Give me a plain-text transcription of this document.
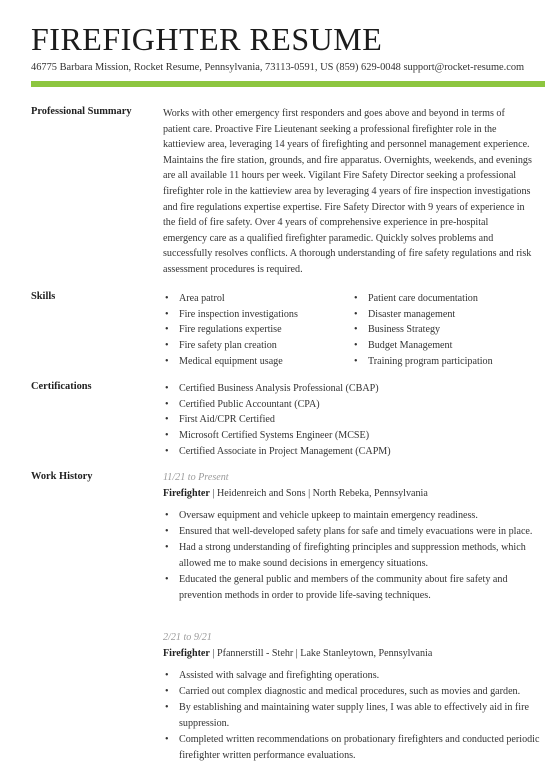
FIREFIGHTER RESUME
46775 Barbara Mission, Rocket Resume, Pennsylvania, 73113-0591, US (859) 629-0048 support@rocket-resume.com
Professional Summary	Works with other emergency first responders and goes above and beyond in terms of patient care. Proactive Fire Lieutenant seeking a professional firefighter role in the kattieview area, leveraging 14 years of firefighting and personnel management experience. Maintains the fire station, grounds, and fire apparatus. Overnights, weekends, and evenings are all available 11 hours per week. Vigilant Fire Safety Director seeking a professional firefighter role in the kattieview area by leveraging 4 years of fire inspection investigations and fire regulations expertise expertise. Fire Safety Director with 9 years of experience in the field of fire safety. Over 4 years of comprehensive experience in pre-hospital emergency care as a qualified firefighter paramedic. Quickly solves problems and successfully resolves conflicts. A thorough understanding of fire safety regulations and risk assessment procedures is required.

Skills	• Area patrol
• Fire inspection investigations
• Fire regulations expertise
• Fire safety plan creation
• Medical equipment usage
• Patient care documentation
• Disaster management
• Business Strategy
• Budget Management
• Training program participation
Certifications	• Certified Business Analysis Professional (CBAP)
• Certified Public Accountant (CPA)
• First Aid/CPR Certified
• Microsoft Certified Systems Engineer (MCSE)
• Certified Associate in Project Management (CAPM)
Work History	11/21 to Present
Firefighter | Heidenreich and Sons | North Rebeka, Pennsylvania
• Oversaw equipment and vehicle upkeep to maintain emergency readiness.
• Ensured that well-developed safety plans for safe and timely evacuations were in place.
• Had a strong understanding of firefighting principles and suppression methods, which allowed me to make sound decisions in emergency situations.
• Educated the general public and members of the community about fire safety and prevention methods in order to provide life-saving techniques.
2/21 to 9/21
Firefighter | Pfannerstill - Stehr | Lake Stanleytown, Pennsylvania
• Assisted with salvage and firefighting operations.
• Carried out complex diagnostic and medical procedures, such as movies and garden.
• By establishing and maintaining water supply lines, I was able to effectively aid in fire suppression.
• Completed written recommendations on probationary firefighters and conducted periodic firefighter written performance evaluations.
